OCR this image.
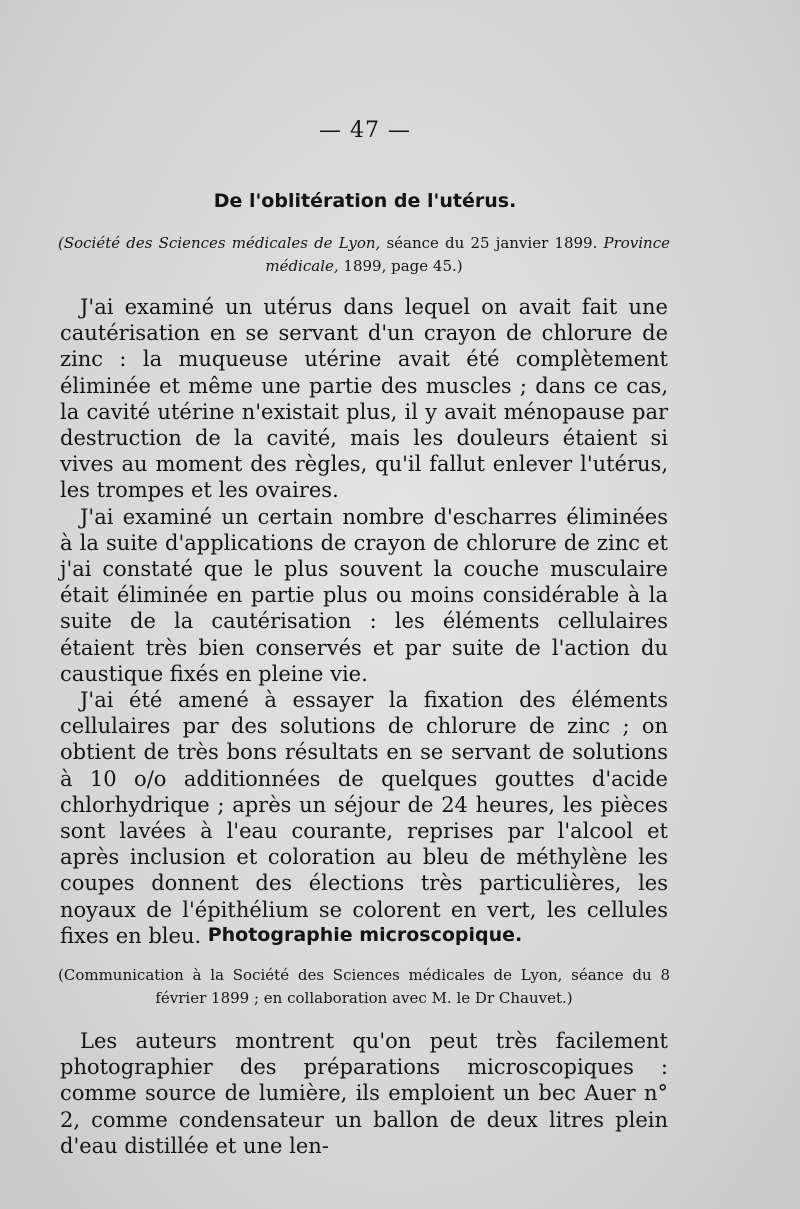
— 47 —
De l'oblitération de l'utérus.
(Société des Sciences médicales de Lyon, séance du 25 janvier 1899. Province médicale, 1899, page 45.)

J'ai examiné un utérus dans lequel on avait fait une cautérisation en se servant d'un crayon de chlorure de zinc : la muqueuse utérine avait été complètement éliminée et même une partie des muscles ; dans ce cas, la cavité utérine n'existait plus, il y avait ménopause par destruction de la cavité, mais les douleurs étaient si vives au moment des règles, qu'il fallut enlever l'utérus, les trompes et les ovaires.

J'ai examiné un certain nombre d'escharres éliminées à la suite d'applications de crayon de chlorure de zinc et j'ai constaté que le plus souvent la couche musculaire était éliminée en partie plus ou moins considérable à la suite de la cautérisation : les éléments cellulaires étaient très bien conservés et par suite de l'action du caustique fixés en pleine vie.

J'ai été amené à essayer la fixation des éléments cellulaires par des solutions de chlorure de zinc ; on obtient de très bons résultats en se servant de solutions à 10 o/o additionnées de quelques gouttes d'acide chlorhydrique ; après un séjour de 24 heures, les pièces sont lavées à l'eau courante, reprises par l'alcool et après inclusion et coloration au bleu de méthylène les coupes donnent des élections très particulières, les noyaux de l'épithélium se colorent en vert, les cellules fixes en bleu. Photographie microscopique.
(Communication à la Société des Sciences médicales de Lyon, séance du 8 février 1899 ; en collaboration avec M. le Dr Chauvet.)

Les auteurs montrent qu'on peut très facilement photographier des préparations microscopiques : comme source de lumière, ils emploient un bec Auer n° 2, comme condensateur un ballon de deux litres plein d'eau distillée et une len-
